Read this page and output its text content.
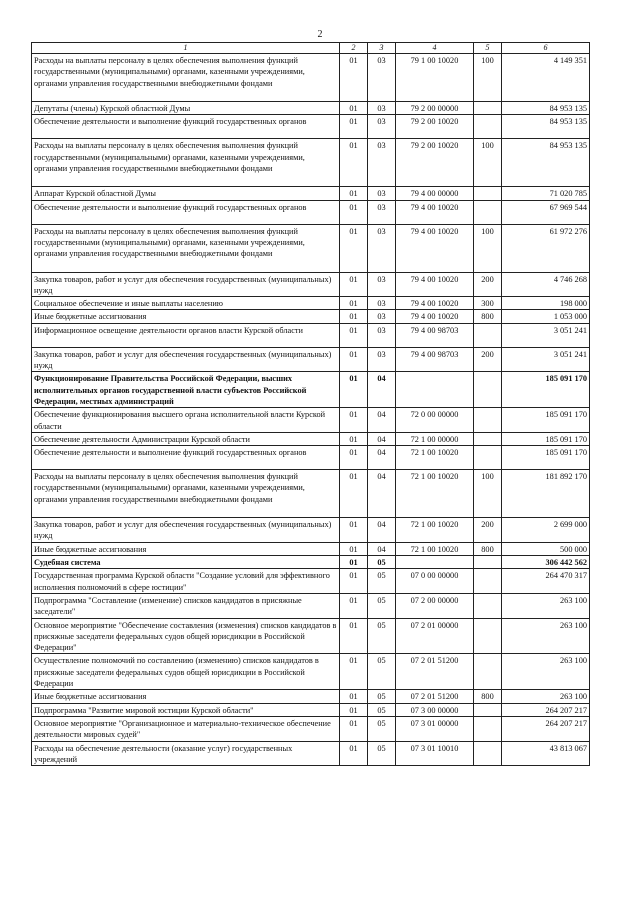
2
1	2	3	4	5	6
Расходы на выплаты персоналу в целях обеспечения выполнения функций государственными (муниципальными) органами, казенными учреждениями, органами управления государственными внебюджетными фондами	01	03	79 1 00 10020	100	4 149 351
Депутаты (члены) Курской областной Думы	01	03	79 2 00 00000		84 953 135
Обеспечение деятельности и выполнение функций государственных органов	01	03	79 2 00 10020		84 953 135
Расходы на выплаты персоналу в целях обеспечения выполнения функций государственными (муниципальными) органами, казенными учреждениями, органами управления государственными внебюджетными фондами	01	03	79 2 00 10020	100	84 953 135
Аппарат Курской областной Думы	01	03	79 4 00 00000		71 020 785
Обеспечение деятельности и выполнение функций государственных органов	01	03	79 4 00 10020		67 969 544
Расходы на выплаты персоналу в целях обеспечения выполнения функций государственными (муниципальными) органами, казенными учреждениями, органами управления государственными внебюджетными фондами	01	03	79 4 00 10020	100	61 972 276
Закупка товаров, работ и услуг для обеспечения государственных (муниципальных) нужд	01	03	79 4 00 10020	200	4 746 268
Социальное обеспечение и иные выплаты населению	01	03	79 4 00 10020	300	198 000
Иные бюджетные ассигнования	01	03	79 4 00 10020	800	1 053 000
Информационное освещение деятельности органов власти Курской области	01	03	79 4 00 98703		3 051 241
Закупка товаров, работ и услуг для обеспечения государственных (муниципальных) нужд	01	03	79 4 00 98703	200	3 051 241
Функционирование Правительства Российской Федерации, высших исполнительных органов государственной власти субъектов Российской Федерации, местных администраций	01	04			185 091 170
Обеспечение функционирования высшего органа исполнительной власти Курской области	01	04	72 0 00 00000		185 091 170
Обеспечение деятельности Администрации Курской области	01	04	72 1 00 00000		185 091 170
Обеспечение деятельности и выполнение функций государственных органов	01	04	72 1 00 10020		185 091 170
Расходы на выплаты персоналу в целях обеспечения выполнения функций государственными (муниципальными) органами, казенными учреждениями, органами управления государственными внебюджетными фондами	01	04	72 1 00 10020	100	181 892 170
Закупка товаров, работ и услуг для обеспечения государственных (муниципальных) нужд	01	04	72 1 00 10020	200	2 699 000
Иные бюджетные ассигнования	01	04	72 1 00 10020	800	500 000
Судебная система	01	05			306 442 562
Государственная программа Курской области "Создание условий для эффективного исполнения полномочий в сфере юстиции"	01	05	07 0 00 00000		264 470 317
Подпрограмма "Составление (изменение) списков кандидатов в присяжные заседатели"	01	05	07 2 00 00000		263 100
Основное мероприятие "Обеспечение составления (изменения) списков кандидатов в присяжные заседатели федеральных судов общей юрисдикции в Российской Федерации"	01	05	07 2 01 00000		263 100
Осуществление полномочий по составлению (изменению) списков кандидатов в присяжные заседатели федеральных судов общей юрисдикции в Российской Федерации	01	05	07 2 01 51200		263 100
Иные бюджетные ассигнования	01	05	07 2 01 51200	800	263 100
Подпрограмма "Развитие мировой юстиции Курской области"	01	05	07 3 00 00000		264 207 217
Основное мероприятие "Организационное и материально-техническое обеспечение деятельности мировых судей"	01	05	07 3 01 00000		264 207 217
Расходы на обеспечение деятельности (оказание услуг) государственных учреждений	01	05	07 3 01 10010		43 813 067
